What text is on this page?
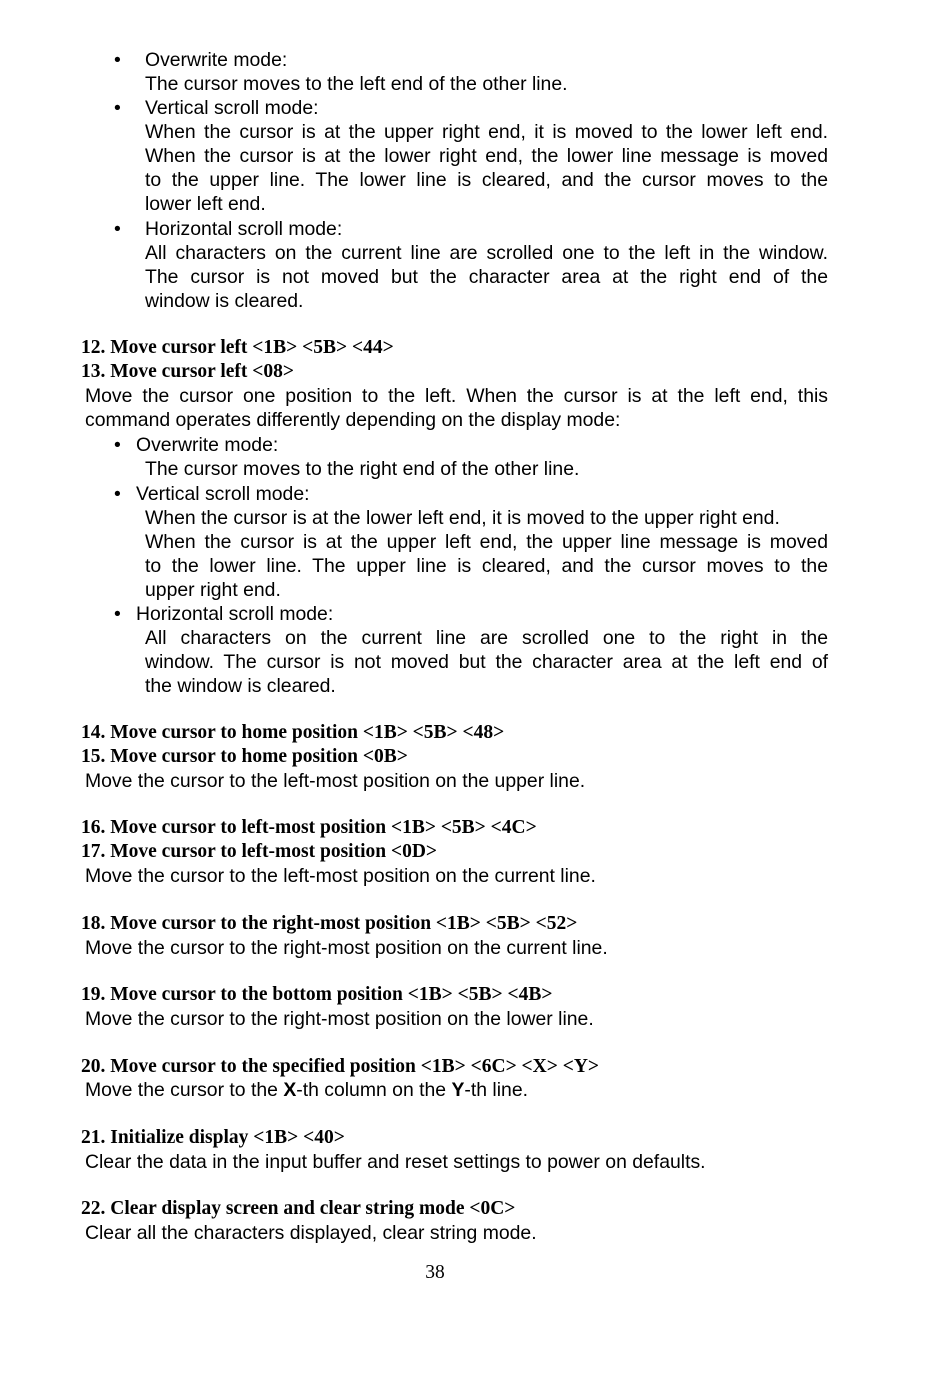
• Overwrite mode:
The cursor moves to the left end of the other line.
• Vertical scroll mode:
When the cursor is at the upper right end, it is moved to the lower left end.
When the cursor is at the lower right end, the lower line message is moved
to the upper line. The lower line is cleared, and the cursor moves to the
lower left end.
• Horizontal scroll mode:
All characters on the current line are scrolled one to the left in the window.
The cursor is not moved but the character area at the right end of the
window is cleared.
12. Move cursor left <1B> <5B> <44>
13. Move cursor left <08>
Move the cursor one position to the left. When the cursor is at the left end, this
command operates differently depending on the display mode:
• Overwrite mode:
The cursor moves to the right end of the other line.
• Vertical scroll mode:
When the cursor is at the lower left end, it is moved to the upper right end.
When the cursor is at the upper left end, the upper line message is moved
to the lower line. The upper line is cleared, and the cursor moves to the
upper right end.
• Horizontal scroll mode:
All characters on the current line are scrolled one to the right in the
window. The cursor is not moved but the character area at the left end of
the window is cleared.
14. Move cursor to home position <1B> <5B> <48>
15. Move cursor to home position <0B>
Move the cursor to the left-most position on the upper line.
16. Move cursor to left-most position <1B> <5B> <4C>
17. Move cursor to left-most position <0D>
Move the cursor to the left-most position on the current line.
18. Move cursor to the right-most position <1B> <5B> <52>
Move the cursor to the right-most position on the current line.
19. Move cursor to the bottom position <1B> <5B> <4B>
Move the cursor to the right-most position on the lower line.
20. Move cursor to the specified position <1B> <6C> <X> <Y>
Move the cursor to the X-th column on the Y-th line.
21. Initialize display <1B> <40>
Clear the data in the input buffer and reset settings to power on defaults.
22. Clear display screen and clear string mode <0C>
Clear all the characters displayed, clear string mode.
38
